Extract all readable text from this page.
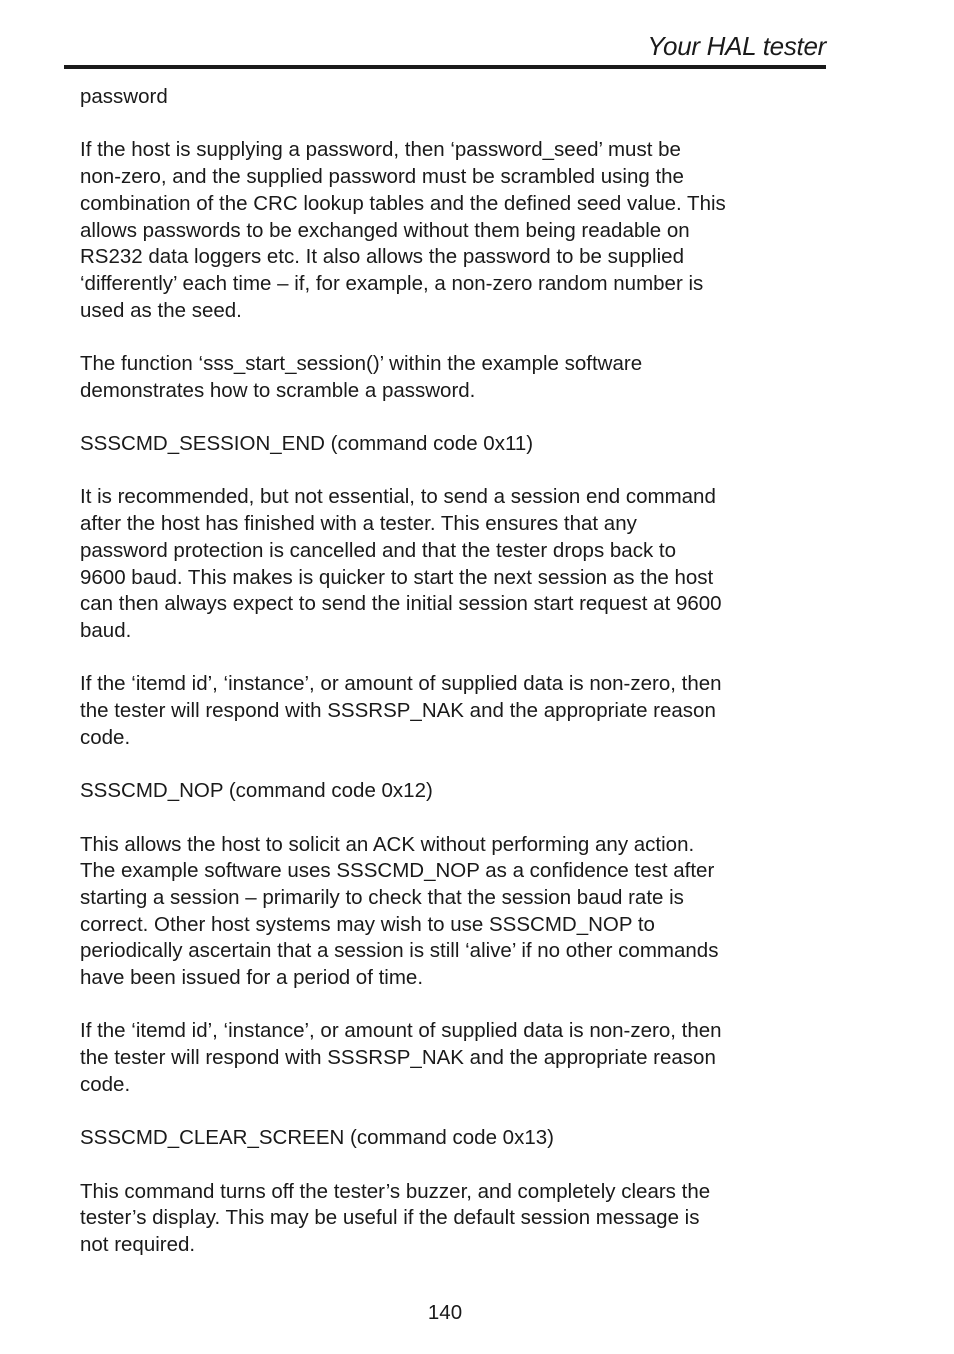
Your HAL tester

password

If the host is supplying a password, then ‘password_seed’ must be
non-zero, and the supplied password must be scrambled using the
combination of the CRC lookup tables and the defined seed value. This
allows passwords to be exchanged without them being readable on
RS232 data loggers etc. It also allows the password to be supplied
‘differently’ each time – if, for example, a non-zero random number is
used as the seed.

The function ‘sss_start_session()’ within the example software
demonstrates how to scramble a password.

SSSCMD_SESSION_END (command code 0x11)

It is recommended, but not essential, to send a session end command
after the host has finished with a tester. This ensures that any
password protection is cancelled and that the tester drops back to
9600 baud. This makes is quicker to start the next session as the host
can then always expect to send the initial session start request at 9600
baud.

If the ‘itemd id’, ‘instance’, or amount of supplied data is non-zero, then
the tester will respond with SSSRSP_NAK and the appropriate reason
code.

SSSCMD_NOP (command code 0x12)

This allows the host to solicit an ACK without performing any action.
The example software uses SSSCMD_NOP as a confidence test after
starting a session – primarily to check that the session baud rate is
correct. Other host systems may wish to use SSSCMD_NOP to
periodically ascertain that a session is still ‘alive’ if no other commands
have been issued for a period of time.

If the ‘itemd id’, ‘instance’, or amount of supplied data is non-zero, then
the tester will respond with SSSRSP_NAK and the appropriate reason
code.

SSSCMD_CLEAR_SCREEN (command code 0x13)

This command turns off the tester’s buzzer, and completely clears the
tester’s display. This may be useful if the default session message is
not required.

140
